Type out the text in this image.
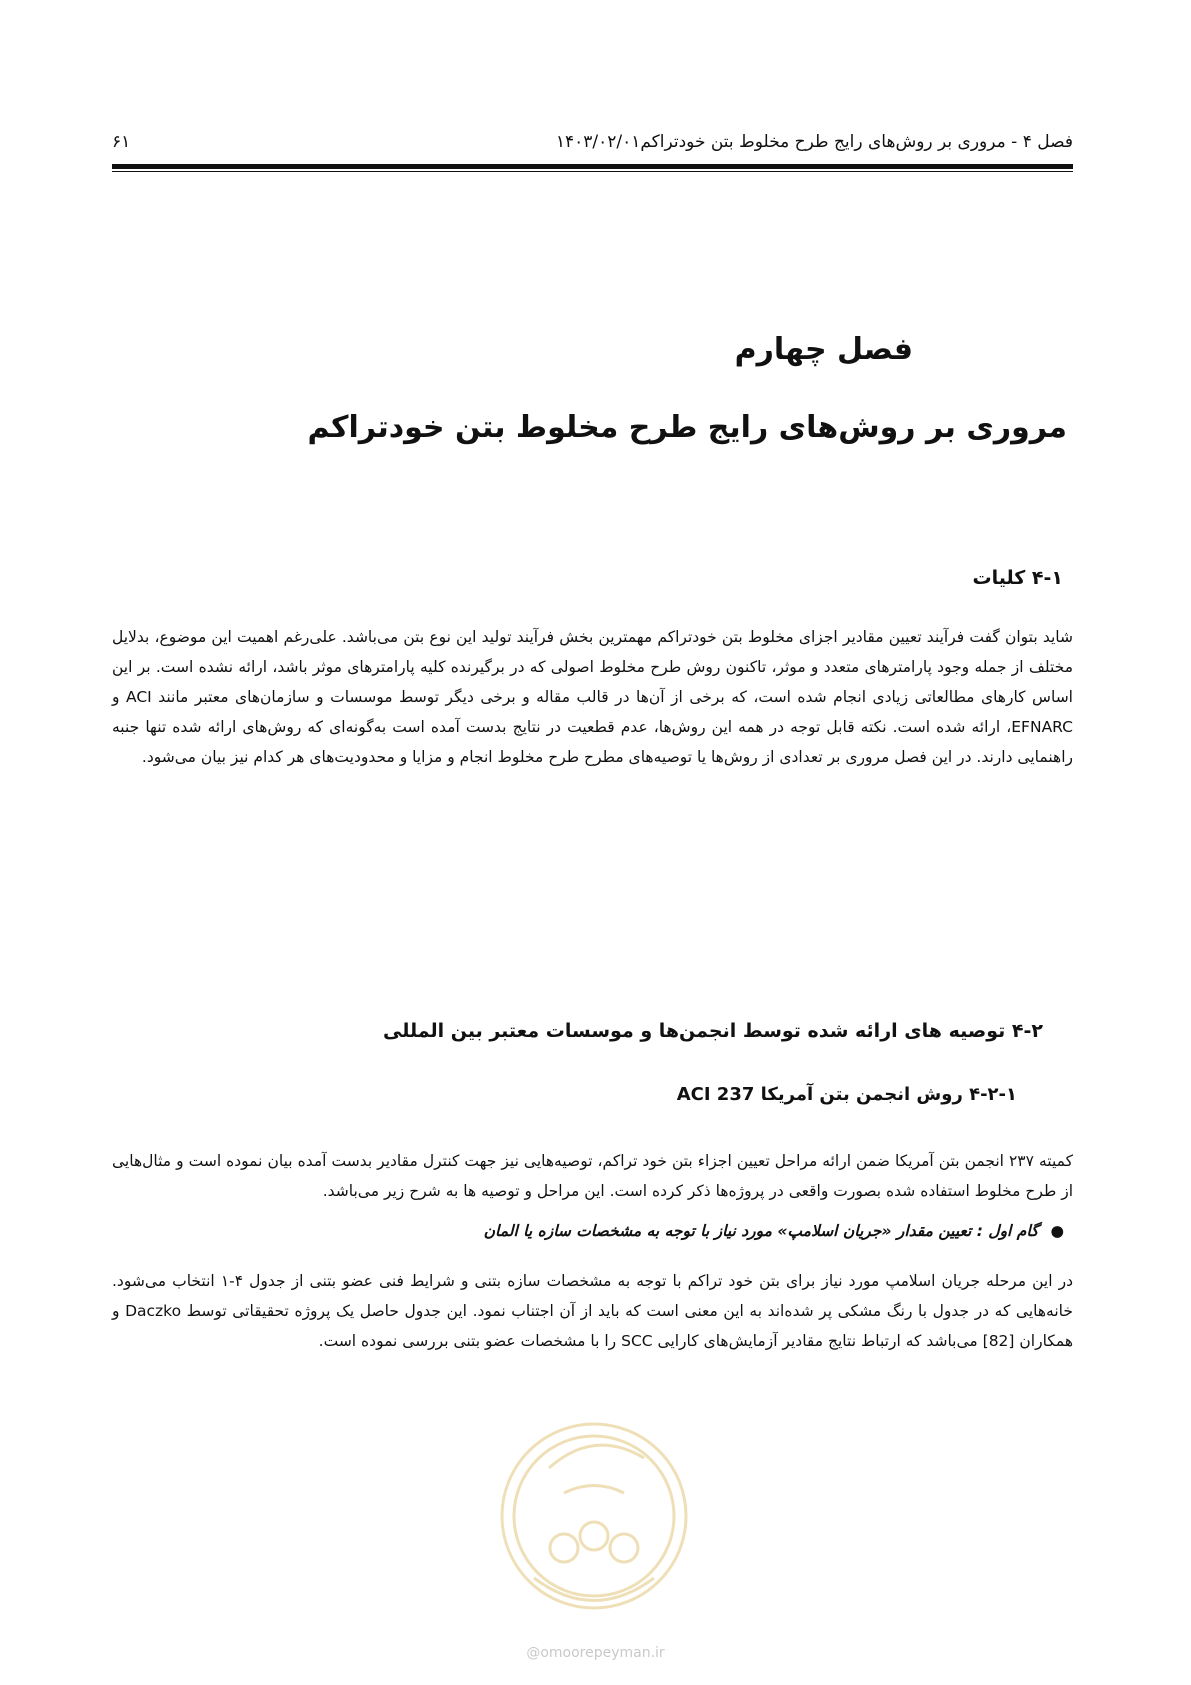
فصل ۴ - مروری بر روش‌های رایج طرح مخلوط بتن خودتراکم۱۴۰۳/۰۲/۰۱
۶۱
فصل چهارم
مروری بر روش‌های رایج طرح مخلوط بتن خودتراکم
۴-۱ کلیات

شاید بتوان گفت فرآیند تعیین مقادیر اجزای مخلوط بتن خودتراکم مهمترین بخش فرآیند تولید این نوع بتن می‌باشد. علی‌رغم اهمیت این موضوع، بدلایل مختلف از جمله وجود پارامترهای متعدد و موثر، تاکنون روش طرح مخلوط اصولی که در برگیرنده کلیه پارامترهای موثر باشد، ارائه نشده است. بر این اساس کارهای مطالعاتی زیادی انجام شده است، که برخی از آن‌ها در قالب مقاله و برخی دیگر توسط موسسات و سازمان‌های معتبر مانند ACI و EFNARC، ارائه شده است. نکته قابل توجه در همه این روش‌ها، عدم قطعیت در نتایج بدست آمده است به‌گونه‌ای که روش‌های ارائه شده تنها جنبه راهنمایی دارند. در این فصل مروری بر تعدادی از روش‌ها یا توصیه‌های مطرح طرح مخلوط انجام و مزایا و محدودیت‌های هر کدام نیز بیان می‌شود.

۴-۲ توصیه های ارائه شده توسط انجمن‌ها و موسسات معتبر بین المللی
۴-۲-۱ روش انجمن بتن آمریکا ACI 237

کمیته ۲۳۷ انجمن بتن آمریکا ضمن ارائه مراحل تعیین اجزاء بتن خود تراکم، توصیه‌هایی نیز جهت کنترل مقادیر بدست آمده بیان نموده است و مثال‌هایی از طرح مخلوط استفاده شده بصورت واقعی در پروژه‌ها ذکر کرده است. این مراحل و توصیه ها به شرح زیر می‌باشد.

●گام اول : تعیین مقدار «جریان اسلامپ» مورد نیاز با توجه به مشخصات سازه یا المان

در این مرحله جریان اسلامپ مورد نیاز برای بتن خود تراکم با توجه به مشخصات سازه بتنی و شرایط فنی عضو بتنی از جدول ۴-۱ انتخاب می‌شود. خانه‌هایی که در جدول با رنگ مشکی پر شده‌اند به این معنی است که باید از آن اجتناب نمود. این جدول حاصل یک پروژه تحقیقاتی توسط Daczko و همکاران [82] می‌باشد که ارتباط نتایج مقادیر آزمایش‌های کارایی SCC را با مشخصات عضو بتنی بررسی نموده است.

@omoorepeyman.ir
